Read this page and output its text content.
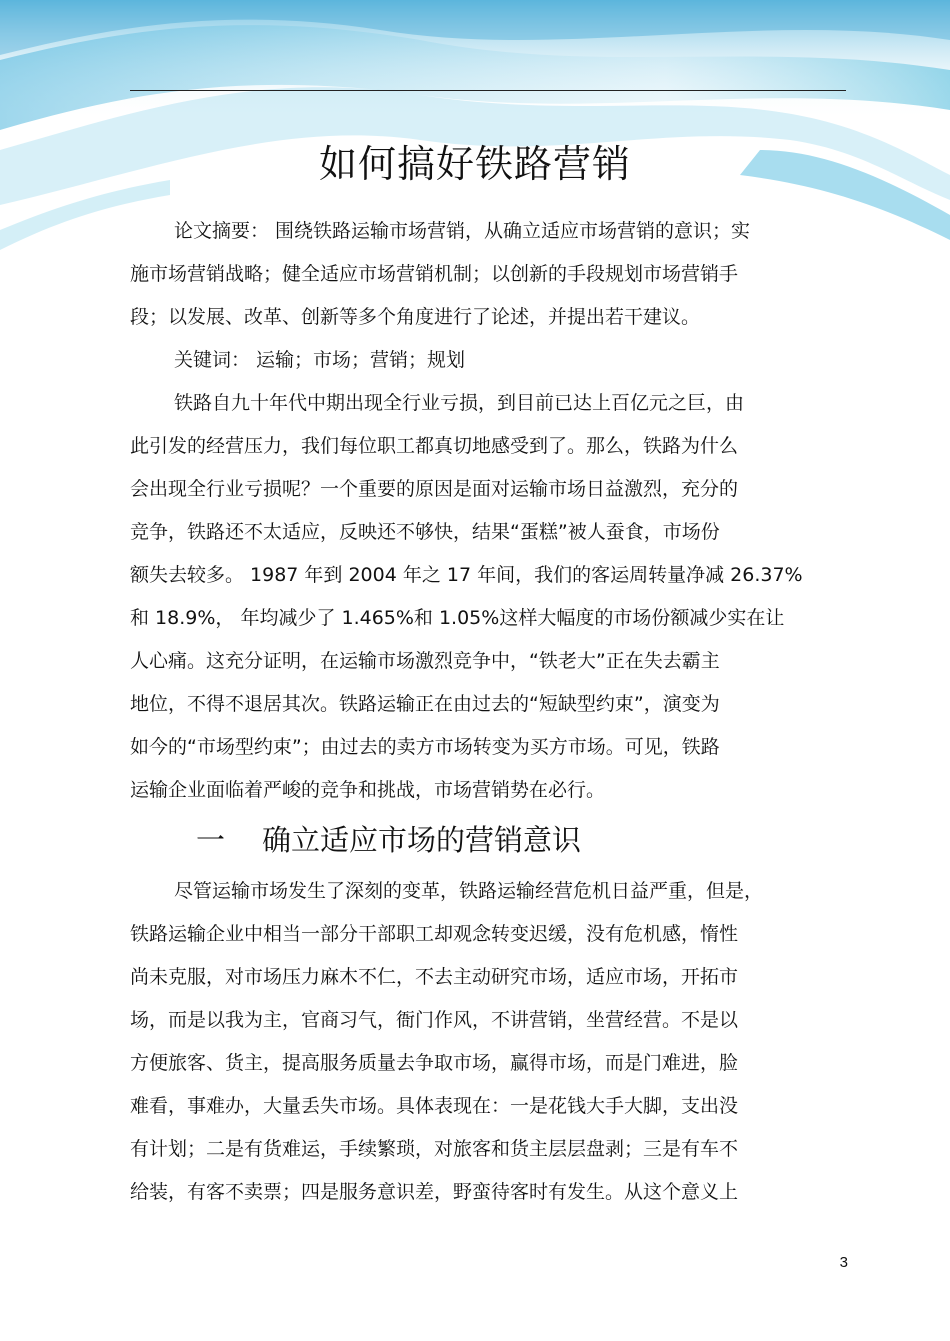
如何搞好铁路营销

论文摘要： 围绕铁路运输市场营销，从确立适应市场营销的意识；实
施市场营销战略；健全适应市场营销机制；以创新的手段规划市场营销手
段；以发展、改革、创新等多个角度进行了论述，并提出若干建议。

关键词： 运输；市场；营销；规划

铁路自九十年代中期出现全行业亏损，到目前已达上百亿元之巨，由
此引发的经营压力，我们每位职工都真切地感受到了。那么，铁路为什么
会出现全行业亏损呢？一个重要的原因是面对运输市场日益激烈，充分的
竞争，铁路还不太适应，反映还不够快，结果“蛋糕”被人蚕食，市场份
额失去较多。 1987 年到 2004 年之 17 年间，我们的客运周转量净减 26.37%
和 18.9%， 年均减少了 1.465%和 1.05%这样大幅度的市场份额减少实在让
人心痛。这充分证明，在运输市场激烈竞争中，“铁老大”正在失去霸主
地位，不得不退居其次。铁路运输正在由过去的“短缺型约束”，演变为
如今的“市场型约束”；由过去的卖方市场转变为买方市场。可见，铁路
运输企业面临着严峻的竞争和挑战，市场营销势在必行。

一 确立适应市场的营销意识

尽管运输市场发生了深刻的变革，铁路运输经营危机日益严重，但是，
铁路运输企业中相当一部分干部职工却观念转变迟缓，没有危机感，惰性
尚未克服，对市场压力麻木不仁，不去主动研究市场，适应市场，开拓市
场，而是以我为主，官商习气，衙门作风，不讲营销，坐营经营。不是以
方便旅客、货主，提高服务质量去争取市场，赢得市场，而是门难进，脸
难看，事难办，大量丢失市场。具体表现在：一是花钱大手大脚，支出没
有计划；二是有货难运，手续繁琐，对旅客和货主层层盘剥；三是有车不
给装，有客不卖票；四是服务意识差，野蛮待客时有发生。从这个意义上

3
